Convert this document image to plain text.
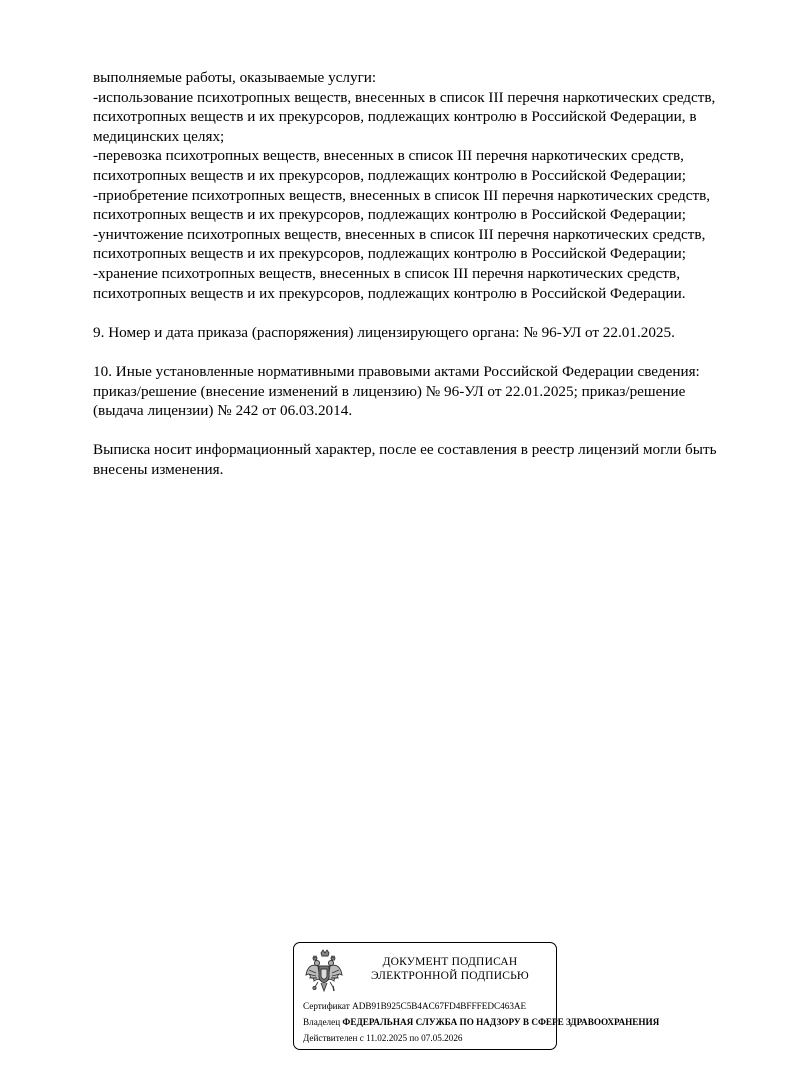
выполняемые работы, оказываемые услуги:
-использование психотропных веществ, внесенных в список III перечня наркотических средств,
психотропных веществ и их прекурсоров, подлежащих контролю в Российской Федерации, в
медицинских целях;
-перевозка психотропных веществ, внесенных в список III перечня наркотических средств,
психотропных веществ и их прекурсоров, подлежащих контролю в Российской Федерации;
-приобретение психотропных веществ, внесенных в список III перечня наркотических средств,
психотропных веществ и их прекурсоров, подлежащих контролю в Российской Федерации;
-уничтожение психотропных веществ, внесенных в список III перечня наркотических средств,
психотропных веществ и их прекурсоров, подлежащих контролю в Российской Федерации;
-хранение психотропных веществ, внесенных в список III перечня наркотических средств,
психотропных веществ и их прекурсоров, подлежащих контролю в Российской Федерации.
9. Номер и дата приказа (распоряжения) лицензирующего органа: № 96-УЛ от 22.01.2025.
10. Иные установленные нормативными правовыми актами Российской Федерации сведения:
приказ/решение (внесение изменений в лицензию) № 96-УЛ от 22.01.2025; приказ/решение
(выдача лицензии) № 242 от 06.03.2014.
Выписка носит информационный характер, после ее составления в реестр лицензий могли быть
внесены изменения.
ДОКУМЕНТ ПОДПИСАН
ЭЛЕКТРОННОЙ ПОДПИСЬЮ
Сертификат ADB91B925C5B4AC67FD4BFFFEDC463AE
Владелец ФЕДЕРАЛЬНАЯ СЛУЖБА ПО НАДЗОРУ В СФЕРЕ ЗДРАВООХРАНЕНИЯ
Действителен с 11.02.2025 по 07.05.2026
